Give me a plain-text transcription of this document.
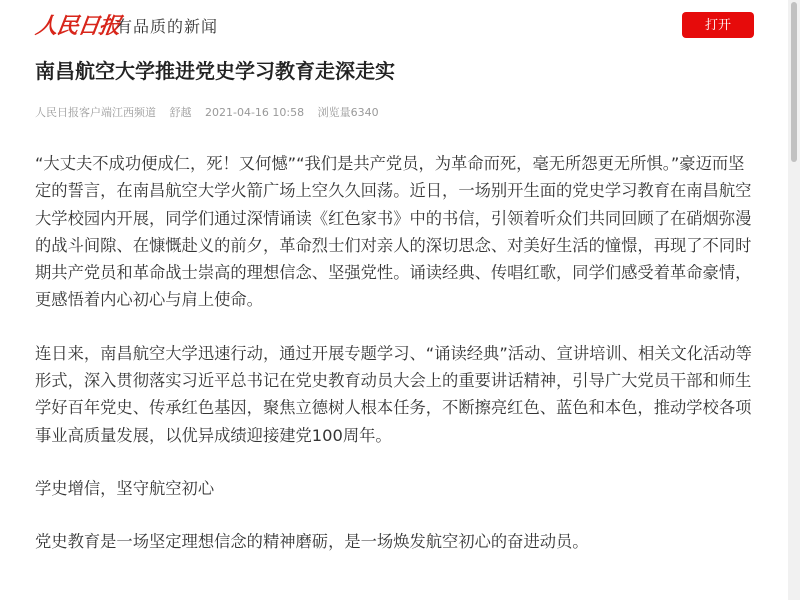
人民日报
有品质的新闻	打开
南昌航空大学推进党史学习教育走深走实
人民日报客户端江西频道 舒越 2021-04-16 10:58 浏览量6340

“大丈夫不成功便成仁，死！又何憾”“我们是共产党员，为革命而死，毫无所怨更无所惧。”豪迈而坚定的誓言，在南昌航空大学火箭广场上空久久回荡。近日，一场别开生面的党史学习教育在南昌航空大学校园内开展，同学们通过深情诵读《红色家书》中的书信，引领着听众们共同回顾了在硝烟弥漫的战斗间隙、在慷慨赴义的前夕，革命烈士们对亲人的深切思念、对美好生活的憧憬，再现了不同时期共产党员和革命战士崇高的理想信念、坚强党性。诵读经典、传唱红歌，同学们感受着革命豪情，更感悟着内心初心与肩上使命。

连日来，南昌航空大学迅速行动，通过开展专题学习、“诵读经典”活动、宣讲培训、相关文化活动等形式，深入贯彻落实习近平总书记在党史教育动员大会上的重要讲话精神，引导广大党员干部和师生学好百年党史、传承红色基因，聚焦立德树人根本任务，不断擦亮红色、蓝色和本色，推动学校各项事业高质量发展，以优异成绩迎接建党100周年。

学史增信，坚守航空初心

党史教育是一场坚定理想信念的精神磨砺，是一场焕发航空初心的奋进动员。
